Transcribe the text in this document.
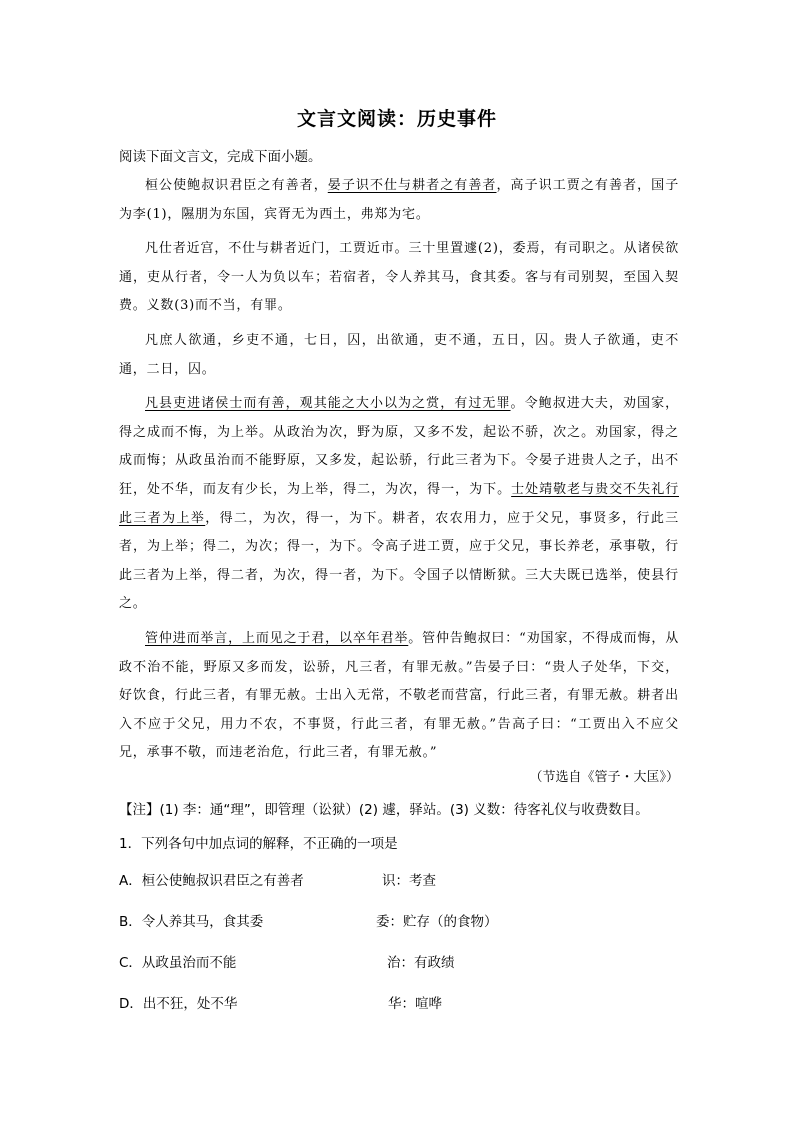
文言文阅读：历史事件
阅读下面文言文，完成下面小题。

桓公使鲍叔识君臣之有善者，晏子识不仕与耕者之有善者，高子识工贾之有善者，国子为李(1)，隰朋为东国，宾胥无为西土，弗郑为宅。

凡仕者近宫，不仕与耕者近门，工贾近市。三十里置遽(2)，委焉，有司职之。从诸侯欲通，吏从行者，令一人为负以车；若宿者，令人养其马，食其委。客与有司别契，至国入契费。义数(3)而不当，有罪。

凡庶人欲通，乡吏不通，七日，囚，出欲通，吏不通，五日，囚。贵人子欲通，吏不通，二日，囚。

凡县吏进诸侯士而有善，观其能之大小以为之赏，有过无罪。令鲍叔进大夫，劝国家，得之成而不悔，为上举。从政治为次，野为原，又多不发，起讼不骄，次之。劝国家，得之成而悔；从政虽治而不能野原，又多发，起讼骄，行此三者为下。令晏子进贵人之子，出不狂，处不华，而友有少长，为上举，得二，为次，得一，为下。士处靖敬老与贵交不失礼行此三者为上举，得二，为次，得一，为下。耕者，农农用力，应于父兄，事贤多，行此三者，为上举；得二，为次；得一，为下。令高子进工贾，应于父兄，事长养老，承事敬，行此三者为上举，得二者，为次，得一者，为下。令国子以情断狱。三大夫既已选举，使县行之。

管仲进而举言，上而见之于君，以卒年君举。管仲告鲍叔曰：“劝国家，不得成而悔，从政不治不能，野原又多而发，讼骄，凡三者，有罪无赦。”告晏子曰：“贵人子处华，下交，好饮食，行此三者，有罪无赦。士出入无常，不敬老而营富，行此三者，有罪无赦。耕者出入不应于父兄，用力不农，不事贤，行此三者，有罪无赦。”告高子曰：“工贾出入不应父兄，承事不敬，而违老治危，行此三者，有罪无赦。”

（节选自《管子・大匡》）
【注】(1) 李：通“理”，即管理（讼狱）(2) 遽，驿站。(3) 义数：待客礼仪与收费数目。
1．下列各句中加点词的解释，不正确的一项是
A．桓公使鲍叔识君臣之有善者	识：考查
B．令人养其马，食其委	委：贮存（的食物）
C．从政虽治而不能	治：有政绩
D．出不狂，处不华	华：喧哗
